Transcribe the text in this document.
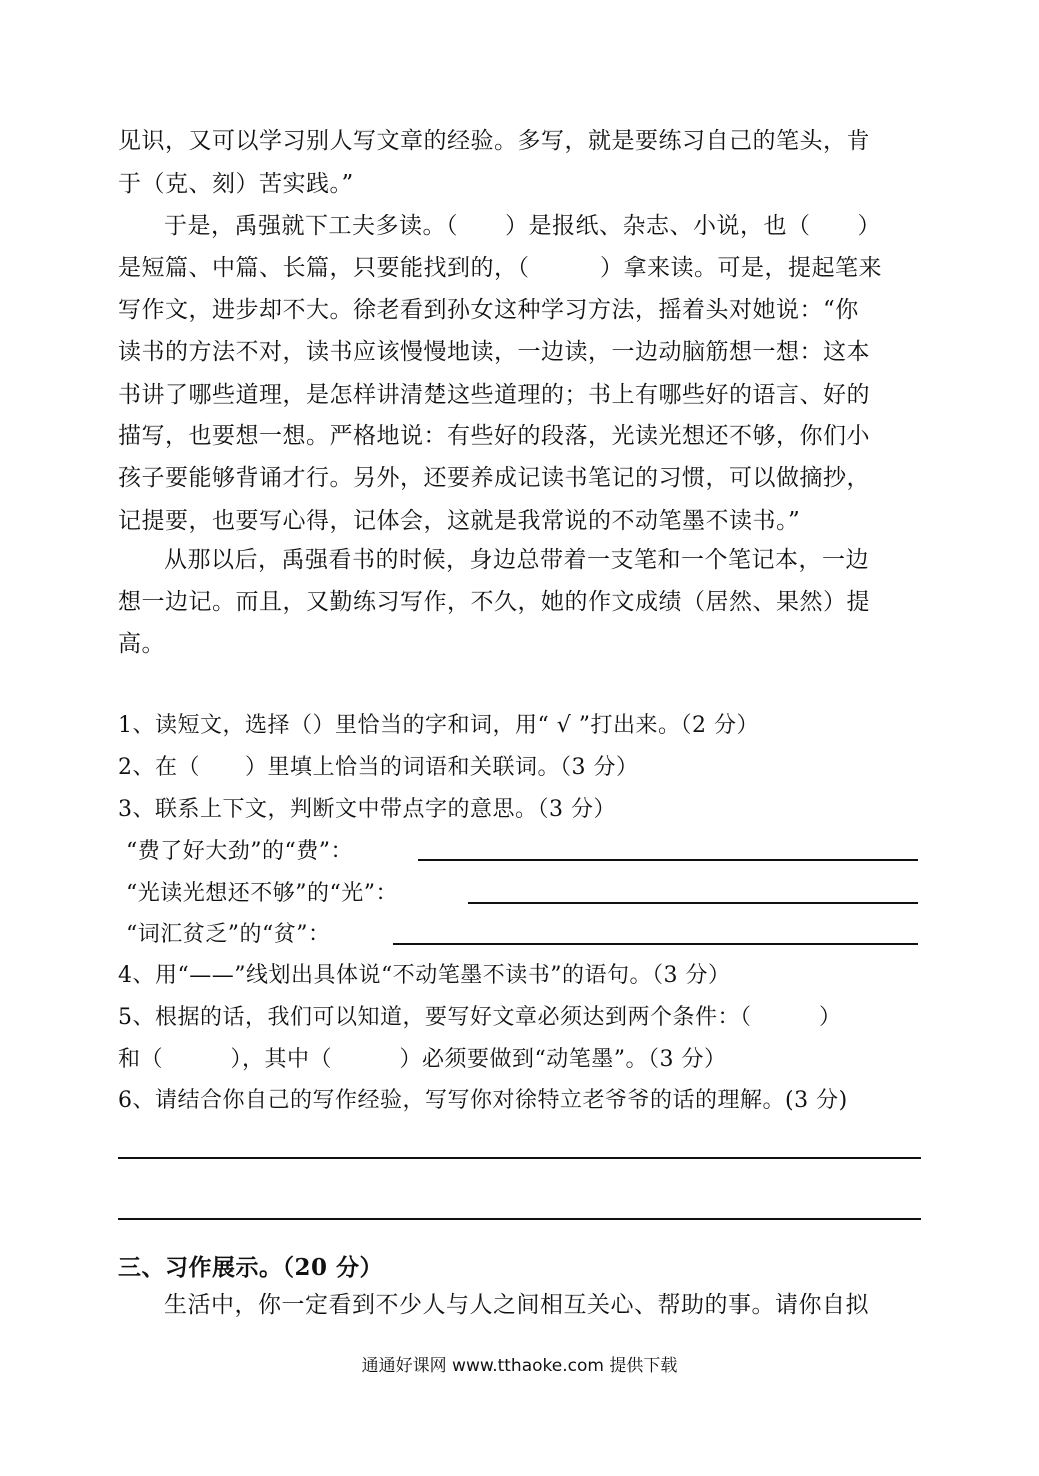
见识，又可以学习别人写文章的经验。多写，就是要练习自己的笔头，肯
于（克、刻）苦实践。”
于是，禹强就下工夫多读。（　　）是报纸、杂志、小说，也（　　）
是短篇、中篇、长篇，只要能找到的，（　　　）拿来读。可是，提起笔来
写作文，进步却不大。徐老看到孙女这种学习方法，摇着头对她说：“你
读书的方法不对，读书应该慢慢地读，一边读，一边动脑筋想一想：这本
书讲了哪些道理，是怎样讲清楚这些道理的；书上有哪些好的语言、好的
描写，也要想一想。严格地说：有些好的段落，光读光想还不够，你们小
孩子要能够背诵才行。另外，还要养成记读书笔记的习惯，可以做摘抄，
记提要，也要写心得，记体会，这就是我常说的不动笔墨不读书。”
从那以后，禹强看书的时候，身边总带着一支笔和一个笔记本，一边
想一边记。而且，又勤练习写作，不久，她的作文成绩（居然、果然）提
高。
1、读短文，选择（）里恰当的字和词，用“ √ ”打出来。（2 分）
2、在（　　）里填上恰当的词语和关联词。（3 分）
3、联系上下文，判断文中带点字的意思。（3 分）
“费了好大劲”的“费”：
“光读光想还不够”的“光”：
“词汇贫乏”的“贫”：
4、用“——”线划出具体说“不动笔墨不读书”的语句。（3 分）
5、根据的话，我们可以知道，要写好文章必须达到两个条件：（　　　）
和（　　　），其中（　　　）必须要做到“动笔墨”。（3 分）
6、请结合你自己的写作经验，写写你对徐特立老爷爷的话的理解。(3 分)
三、习作展示。（20 分）
生活中，你一定看到不少人与人之间相互关心、帮助的事。请你自拟
通通好课网 www.tthaoke.com 提供下载
